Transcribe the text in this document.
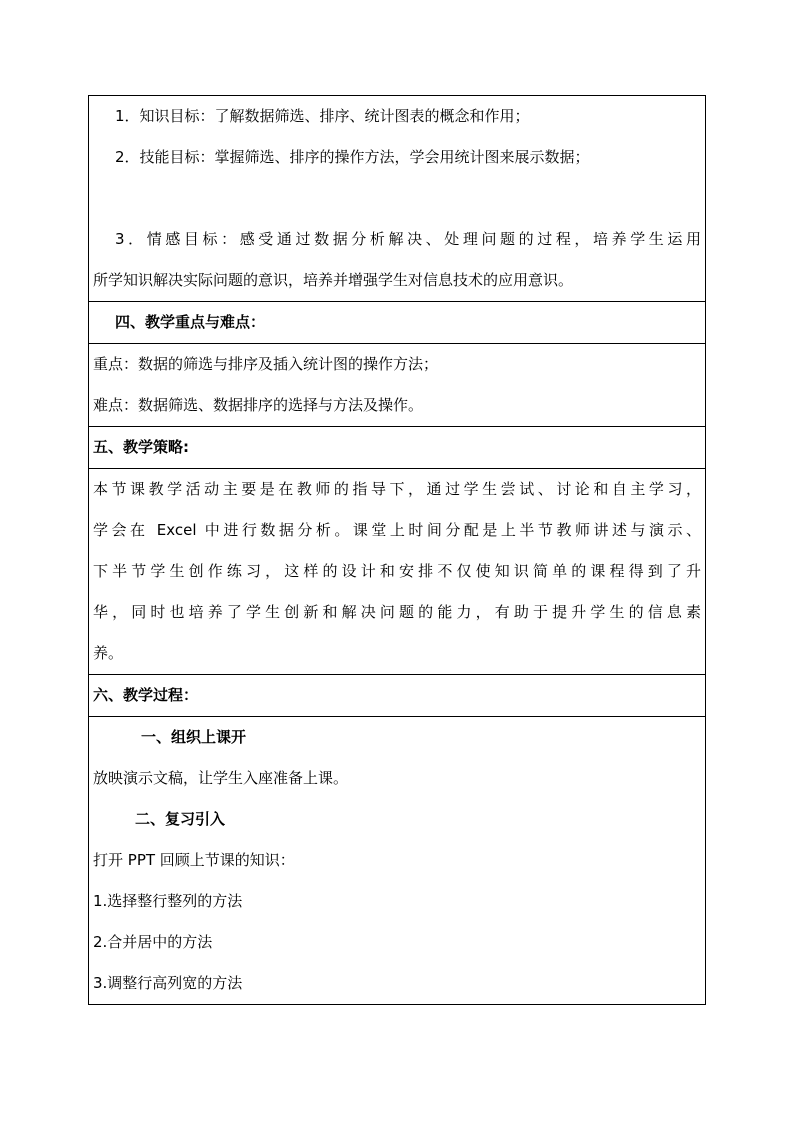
1．知识目标：了解数据筛选、排序、统计图表的概念和作用；
2．技能目标：掌握筛选、排序的操作方法，学会用统计图来展示数据；
3．情感目标：感受通过数据分析解决、处理问题的过程，培养学生运用
所学知识解决实际问题的意识，培养并增强学生对信息技术的应用意识。
四、教学重点与难点：
重点：数据的筛选与排序及插入统计图的操作方法；
难点：数据筛选、数据排序的选择与方法及操作。
五、教学策略:
本节课教学活动主要是在教师的指导下，通过学生尝试、讨论和自主学习，
学会在 Excel 中进行数据分析。课堂上时间分配是上半节教师讲述与演示、
下半节学生创作练习，这样的设计和安排不仅使知识简单的课程得到了升
华，同时也培养了学生创新和解决问题的能力，有助于提升学生的信息素
养。
六、教学过程：
一、组织上课开
放映演示文稿，让学生入座准备上课。
二、复习引入
打开 PPT 回顾上节课的知识：
1.选择整行整列的方法
2.合并居中的方法
3.调整行高列宽的方法
